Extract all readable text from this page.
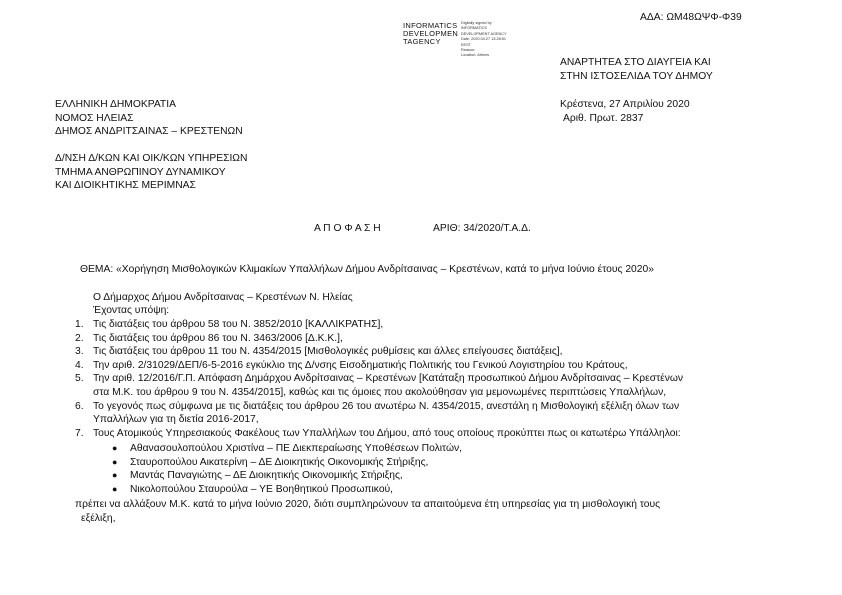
ΑΔΑ: ΩΜ48ΩΨΦ-Φ39
INFORMATICS
DEVELOPMEN
TAGENCY
Digitally signed by
INFORMATICS
DEVELOPMENT AGENCY
Date: 2020.04.27 13:28:51
EEST
Reason:
Location: Athens
ΑΝΑΡΤΗΤΕΑ ΣΤΟ ΔΙΑΥΓΕΙΑ ΚΑΙ
ΣΤΗΝ ΙΣΤΟΣΕΛΙΔΑ ΤΟΥ ΔΗΜΟΥ
ΕΛΛΗΝΙΚΗ ΔΗΜΟΚΡΑΤΙΑ
ΝΟΜΟΣ ΗΛΕΙΑΣ
ΔΗΜΟΣ ΑΝΔΡΙΤΣΑΙΝΑΣ – ΚΡΕΣΤΕΝΩΝ
Κρέστενα, 27 Απριλίου 2020
Αριθ. Πρωτ. 2837
Δ/ΝΣΗ Δ/ΚΩΝ ΚΑΙ ΟΙΚ/ΚΩΝ ΥΠΗΡΕΣΙΩΝ
ΤΜΗΜΑ ΑΝΘΡΩΠΙΝΟΥ ΔΥΝΑΜΙΚΟΥ
ΚΑΙ ΔΙΟΙΚΗΤΙΚΗΣ ΜΕΡΙΜΝΑΣ
Α Π Ο Φ Α Σ Η	ΑΡΙΘ: 34/2020/Τ.Α.Δ.
ΘΕΜΑ: «Χορήγηση Μισθολογικών Κλιμακίων Υπαλλήλων Δήμου Ανδρίτσαινας – Κρεστένων, κατά το μήνα Ιούνιο έτους 2020»
Ο Δήμαρχος Δήμου Ανδρίτσαινας – Κρεστένων Ν. Ηλείας
Έχοντας υπόψη:
1. Τις διατάξεις του άρθρου 58 του Ν. 3852/2010 [ΚΑΛΛΙΚΡΑΤΗΣ],
2. Τις διατάξεις του άρθρου 86 του Ν. 3463/2006 [Δ.Κ.Κ.],
3. Τις διατάξεις του άρθρου 11 του Ν. 4354/2015 [Μισθολογικές ρυθμίσεις και άλλες επείγουσες διατάξεις],
4. Την αριθ. 2/31029/ΔΕΠ/6-5-2016 εγκύκλιο της Δ/νσης Εισοδηματικής Πολιτικής του Γενικού Λογιστηρίου του Κράτους,
5. Την αριθ. 12/2016/Γ.Π. Απόφαση Δημάρχου Ανδρίτσαινας – Κρεστένων [Κατάταξη προσωπικού Δήμου Ανδρίτσαινας – Κρεστένων
στα Μ.Κ. του άρθρου 9 του Ν. 4354/2015], καθώς και τις όμοιες που ακολούθησαν για μεμονωμένες περιπτώσεις Υπαλλήλων,
6. Το γεγονός πως σύμφωνα με τις διατάξεις του άρθρου 26 του ανωτέρω Ν. 4354/2015, ανεστάλη η Μισθολογική εξέλιξη όλων των
Υπαλλήλων για τη διετία 2016-2017,
7. Τους Ατομικούς Υπηρεσιακούς Φακέλους των Υπαλλήλων του Δήμου, από τους οποίους προκύπτει πως οι κατωτέρω Υπάλληλοι:
● Αθανασουλοπούλου Χριστίνα – ΠΕ Διεκπεραίωσης Υποθέσεων Πολιτών,
● Σταυροπούλου Αικατερίνη – ΔΕ Διοικητικής Οικονομικής Στήριξης,
● Μαντάς Παναγιώτης – ΔΕ Διοικητικής Οικονομικής Στήριξης,
● Νικολοπούλου Σταυρούλα – ΥΕ Βοηθητικού Προσωπικού,
πρέπει να αλλάξουν Μ.Κ. κατά το μήνα Ιούνιο 2020, διότι συμπληρώνουν τα απαιτούμενα έτη υπηρεσίας για τη μισθολογική τους
εξέλιξη,
